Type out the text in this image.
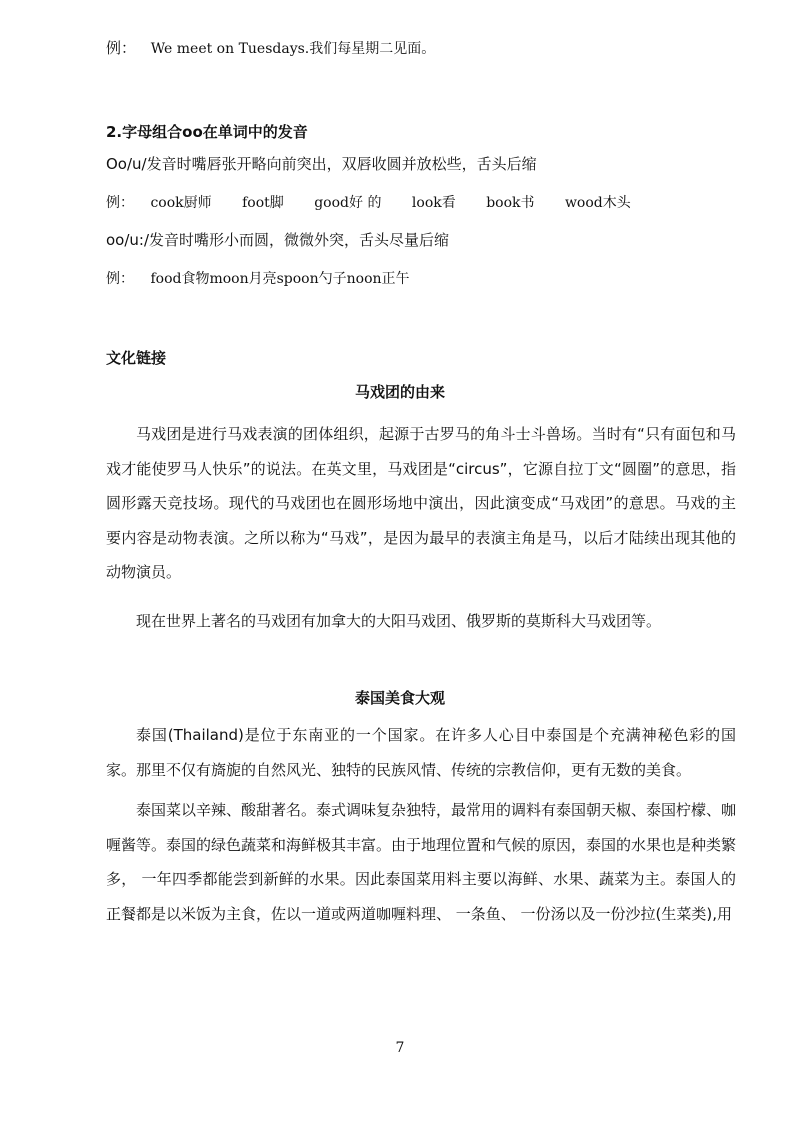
例： We meet on Tuesdays.我们每星期二见面。
2.字母组合oo在单词中的发音
Oo/u/发音时嘴唇张开略向前突出，双唇收圆并放松些，舌头后缩
例： cook厨师 foot脚 good好 的 look看 book书 wood木头
oo/u:/发音时嘴形小而圆，微微外突，舌头尽量后缩
例： food食物moon月亮spoon勺子noon正午
文化链接
马戏团的由来

马戏团是进行马戏表演的团体组织，起源于古罗马的角斗士斗兽场。当时有“只有面包和马戏才能使罗马人快乐”的说法。在英文里，马戏团是“circus”，它源自拉丁文“圆圈”的意思，指圆形露天竞技场。现代的马戏团也在圆形场地中演出，因此演变成“马戏团”的意思。马戏的主要内容是动物表演。之所以称为“马戏”，是因为最早的表演主角是马，以后才陆续出现其他的动物演员。

现在世界上著名的马戏团有加拿大的大阳马戏团、俄罗斯的莫斯科大马戏团等。

泰国美食大观

泰国(Thailand)是位于东南亚的一个国家。在许多人心目中泰国是个充满神秘色彩的国家。那里不仅有旖旎的自然风光、独特的民族风情、传统的宗教信仰，更有无数的美食。

泰国菜以辛辣、酸甜著名。泰式调味复杂独特，最常用的调料有泰国朝天椒、泰国柠檬、咖喱酱等。泰国的绿色蔬菜和海鲜极其丰富。由于地理位置和气候的原因，泰国的水果也是种类繁多， 一年四季都能尝到新鲜的水果。因此泰国菜用料主要以海鲜、水果、蔬菜为主。泰国人的正餐都是以米饭为主食，佐以一道或两道咖喱料理、 一条鱼、 一份汤以及一份沙拉(生菜类),用

7
